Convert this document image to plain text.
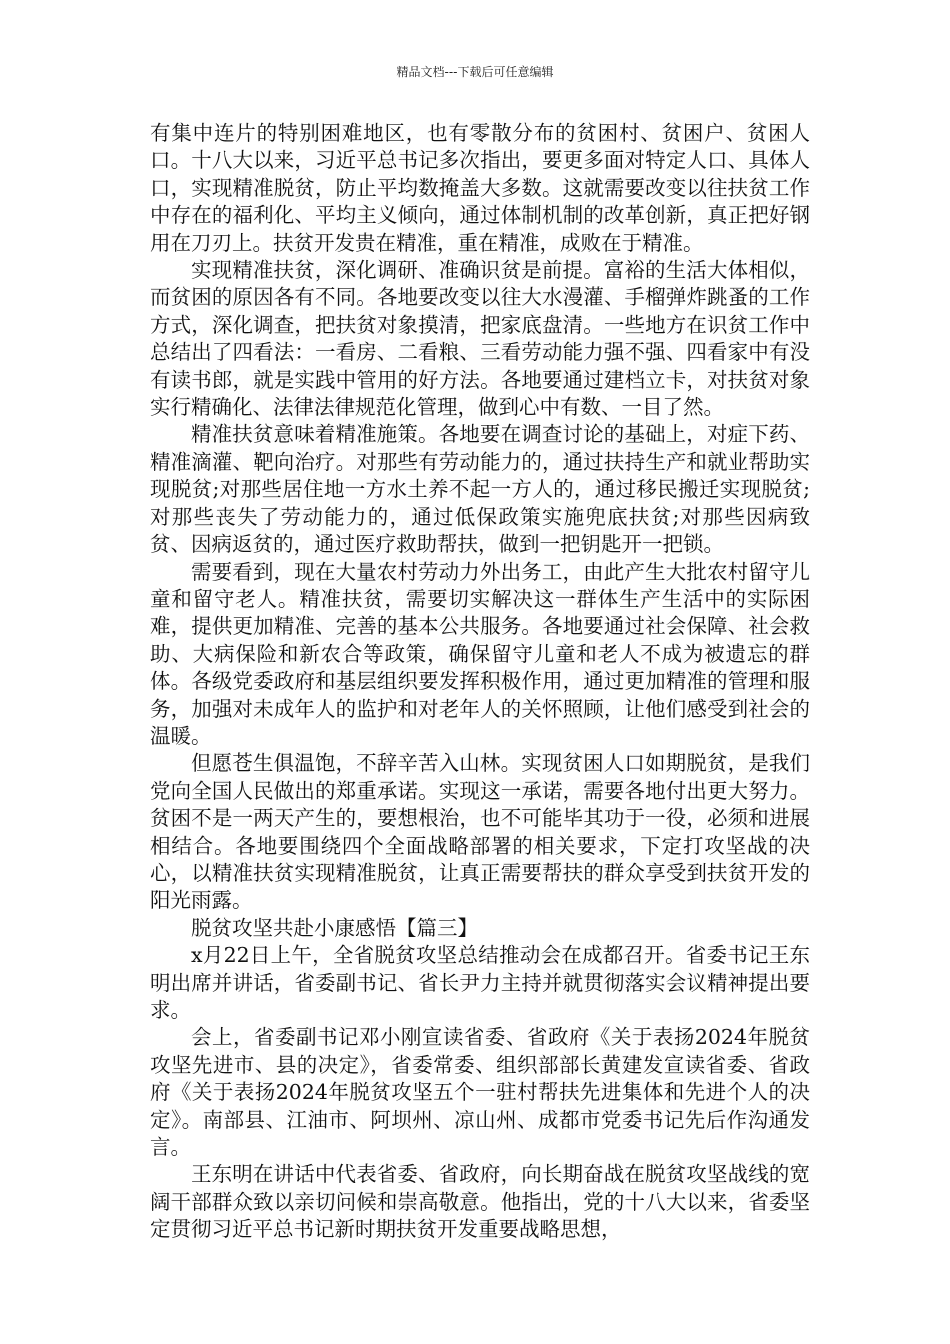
精品文档---下载后可任意编辑

有集中连片的特别困难地区，也有零散分布的贫困村、贫困户、贫困人口。十八大以来，习近平总书记多次指出，要更多面对特定人口、具体人口，实现精准脱贫，防止平均数掩盖大多数。这就需要改变以往扶贫工作中存在的福利化、平均主义倾向，通过体制机制的改革创新，真正把好钢用在刀刃上。扶贫开发贵在精准，重在精准，成败在于精准。

实现精准扶贫，深化调研、准确识贫是前提。富裕的生活大体相似，而贫困的原因各有不同。各地要改变以往大水漫灌、手榴弹炸跳蚤的工作方式，深化调查，把扶贫对象摸清，把家底盘清。一些地方在识贫工作中总结出了四看法：一看房、二看粮、三看劳动能力强不强、四看家中有没有读书郎，就是实践中管用的好方法。各地要通过建档立卡，对扶贫对象实行精确化、法律法律规范化管理，做到心中有数、一目了然。

精准扶贫意味着精准施策。各地要在调查讨论的基础上，对症下药、精准滴灌、靶向治疗。对那些有劳动能力的，通过扶持生产和就业帮助实现脱贫;对那些居住地一方水土养不起一方人的，通过移民搬迁实现脱贫;对那些丧失了劳动能力的，通过低保政策实施兜底扶贫;对那些因病致贫、因病返贫的，通过医疗救助帮扶，做到一把钥匙开一把锁。

需要看到，现在大量农村劳动力外出务工，由此产生大批农村留守儿童和留守老人。精准扶贫，需要切实解决这一群体生产生活中的实际困难，提供更加精准、完善的基本公共服务。各地要通过社会保障、社会救助、大病保险和新农合等政策，确保留守儿童和老人不成为被遗忘的群体。各级党委政府和基层组织要发挥积极作用，通过更加精准的管理和服务，加强对未成年人的监护和对老年人的关怀照顾，让他们感受到社会的温暖。

但愿苍生俱温饱，不辞辛苦入山林。实现贫困人口如期脱贫，是我们党向全国人民做出的郑重承诺。实现这一承诺，需要各地付出更大努力。贫困不是一两天产生的，要想根治，也不可能毕其功于一役，必须和进展相结合。各地要围绕四个全面战略部署的相关要求，下定打攻坚战的决心，以精准扶贫实现精准脱贫，让真正需要帮扶的群众享受到扶贫开发的阳光雨露。

脱贫攻坚共赴小康感悟【篇三】

x月22日上午，全省脱贫攻坚总结推动会在成都召开。省委书记王东明出席并讲话，省委副书记、省长尹力主持并就贯彻落实会议精神提出要求。

会上，省委副书记邓小刚宣读省委、省政府《关于表扬2024年脱贫攻坚先进市、县的决定》，省委常委、组织部部长黄建发宣读省委、省政府《关于表扬2024年脱贫攻坚五个一驻村帮扶先进集体和先进个人的决定》。南部县、江油市、阿坝州、凉山州、成都市党委书记先后作沟通发言。

王东明在讲话中代表省委、省政府，向长期奋战在脱贫攻坚战线的宽阔干部群众致以亲切问候和崇高敬意。他指出，党的十八大以来，省委坚定贯彻习近平总书记新时期扶贫开发重要战略思想，
